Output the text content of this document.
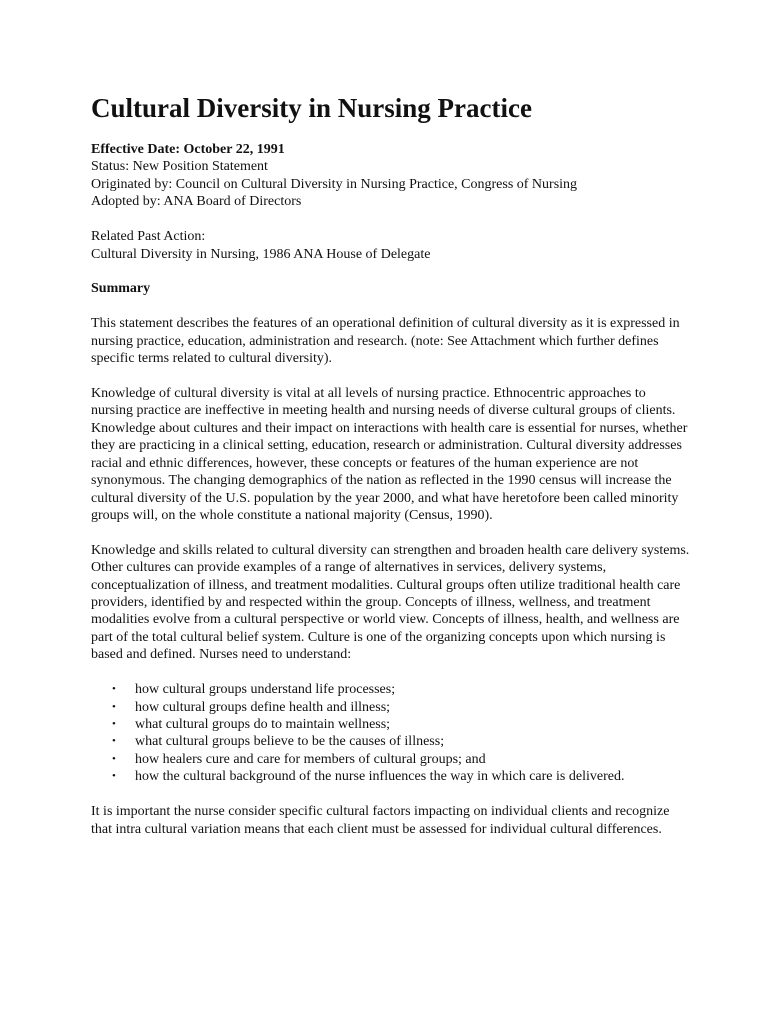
Cultural Diversity in Nursing Practice
Effective Date: October 22, 1991
Status: New Position Statement
Originated by: Council on Cultural Diversity in Nursing Practice, Congress of Nursing
Adopted by: ANA Board of Directors
Related Past Action:
Cultural Diversity in Nursing, 1986 ANA House of Delegate
Summary

This statement describes the features of an operational definition of cultural diversity as it is expressed in nursing practice, education, administration and research. (note: See Attachment which further defines specific terms related to cultural diversity).

Knowledge of cultural diversity is vital at all levels of nursing practice. Ethnocentric approaches to nursing practice are ineffective in meeting health and nursing needs of diverse cultural groups of clients. Knowledge about cultures and their impact on interactions with health care is essential for nurses, whether they are practicing in a clinical setting, education, research or administration. Cultural diversity addresses racial and ethnic differences, however, these concepts or features of the human experience are not synonymous. The changing demographics of the nation as reflected in the 1990 census will increase the cultural diversity of the U.S. population by the year 2000, and what have heretofore been called minority groups will, on the whole constitute a national majority (Census, 1990).

Knowledge and skills related to cultural diversity can strengthen and broaden health care delivery systems. Other cultures can provide examples of a range of alternatives in services, delivery systems, conceptualization of illness, and treatment modalities. Cultural groups often utilize traditional health care providers, identified by and respected within the group. Concepts of illness, wellness, and treatment modalities evolve from a cultural perspective or world view. Concepts of illness, health, and wellness are part of the total cultural belief system. Culture is one of the organizing concepts upon which nursing is based and defined. Nurses need to understand:

• how cultural groups understand life processes;
• how cultural groups define health and illness;
• what cultural groups do to maintain wellness;
• what cultural groups believe to be the causes of illness;
• how healers cure and care for members of cultural groups; and
• how the cultural background of the nurse influences the way in which care is delivered.

It is important the nurse consider specific cultural factors impacting on individual clients and recognize that intra cultural variation means that each client must be assessed for individual cultural differences.
